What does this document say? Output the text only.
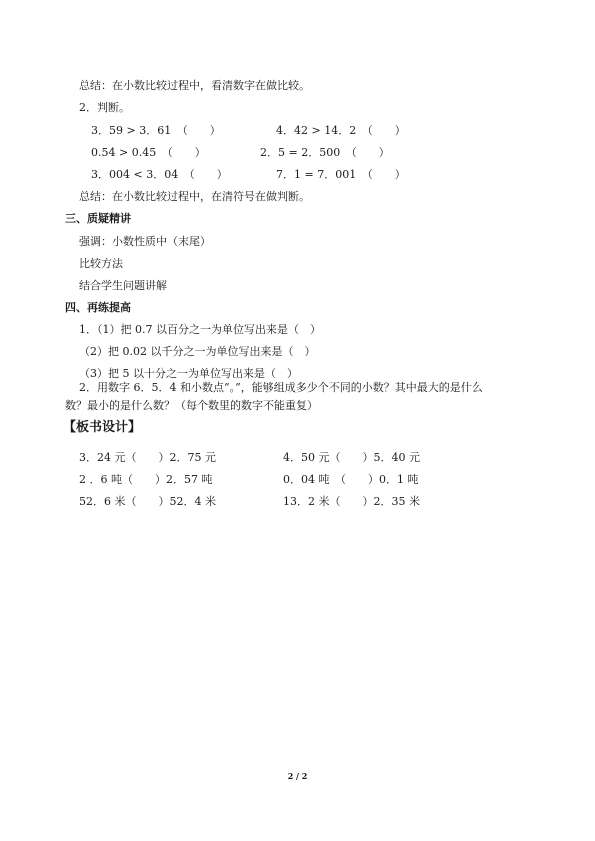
总结：在小数比较过程中，看清数字在做比较。
2．判断。
3．59 > 3．61　（　　）	4．42 > 14．2　（　　）
0.54 > 0.45　（　　）	2．5 = 2．500　（　　）
3．004 < 3．04　（　　）	7．1 = 7．001　（　　）
总结：在小数比较过程中，在清符号在做判断。
三、质疑精讲
强调：小数性质中（末尾）
比较方法
结合学生问题讲解
四、再练提高
1．（1）把 0.7 以百分之一为单位写出来是（　）
（2）把 0.02 以千分之一为单位写出来是（　）
（3）把 5 以十分之一为单位写出来是（　）
2．用数字 6．5．4 和小数点“。”，能够组成多少个不同的小数？其中最大的是什么
数？最小的是什么数？（每个数里的数字不能重复）
【板书设计】
3．24 元（　　）2．75 元	4．50 元（　　）5．40 元
2 ．6 吨（　　）2．57 吨	0．04 吨　（　　）0．1 吨
52．6 米（　　）52．4 米	13．2 米（　　）2．35 米
2 / 2
